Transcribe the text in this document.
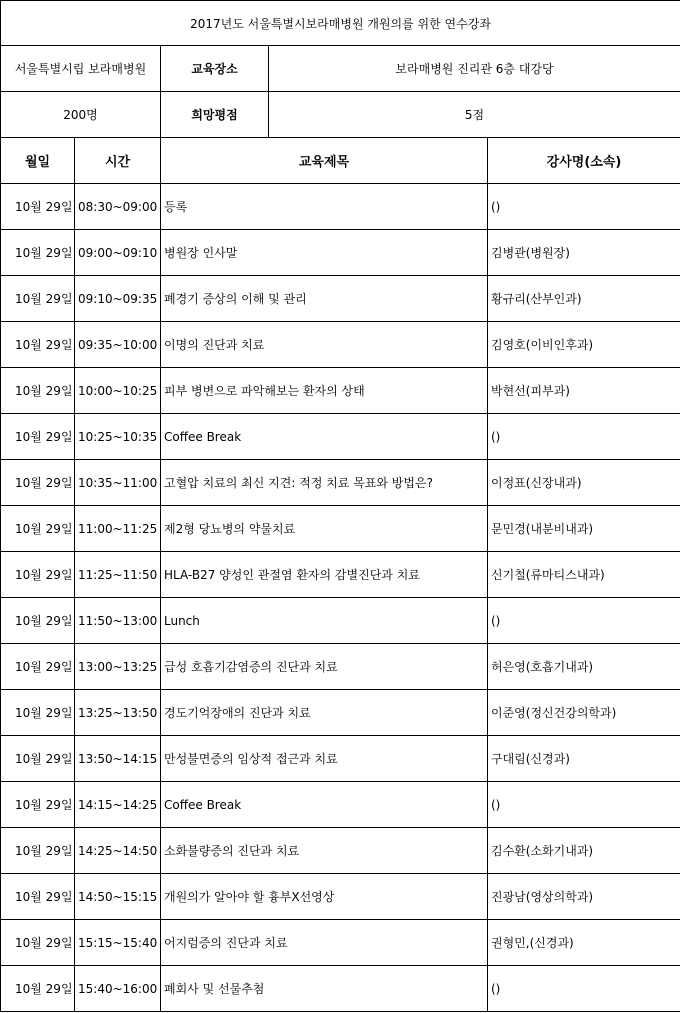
2017년도 서울특별시보라매병원 개원의를 위한 연수강좌				
서울특별시립 보라매병원		교육장소	보라매병원 진리관 6층 대강당	
200명		희망평점	5점	
월일	시간	교육제목		강사명(소속)
10월 29일	08:30~09:00	등록		()
10월 29일	09:00~09:10	병원장 인사말		김병관(병원장)
10월 29일	09:10~09:35	폐경기 증상의 이해 및 관리		황규리(산부인과)
10월 29일	09:35~10:00	이명의 진단과 치료		김영호(이비인후과)
10월 29일	10:00~10:25	피부 병변으로 파악해보는 환자의 상태		박현선(피부과)
10월 29일	10:25~10:35	Coffee Break		()
10월 29일	10:35~11:00	고혈압 치료의 최신 지견: 적정 치료 목표와 방법은?		이정표(신장내과)
10월 29일	11:00~11:25	제2형 당뇨병의 약물치료		문민경(내분비내과)
10월 29일	11:25~11:50	HLA-B27 양성인 관절염 환자의 감별진단과 치료		신기철(류마티스내과)
10월 29일	11:50~13:00	Lunch		()
10월 29일	13:00~13:25	급성 호흡기감염증의 진단과 치료		허은영(호흡기내과)
10월 29일	13:25~13:50	경도기억장애의 진단과 치료		이준영(정신건강의학과)
10월 29일	13:50~14:15	만성불면증의 임상적 접근과 치료		구대림(신경과)
10월 29일	14:15~14:25	Coffee Break		()
10월 29일	14:25~14:50	소화불량증의 진단과 치료		김수환(소화기내과)
10월 29일	14:50~15:15	개원의가 알아야 할 흉부X선영상		진광남(영상의학과)
10월 29일	15:15~15:40	어지럼증의 진단과 치료		권형민,(신경과)
10월 29일	15:40~16:00	폐회사 및 선물추첨		()
